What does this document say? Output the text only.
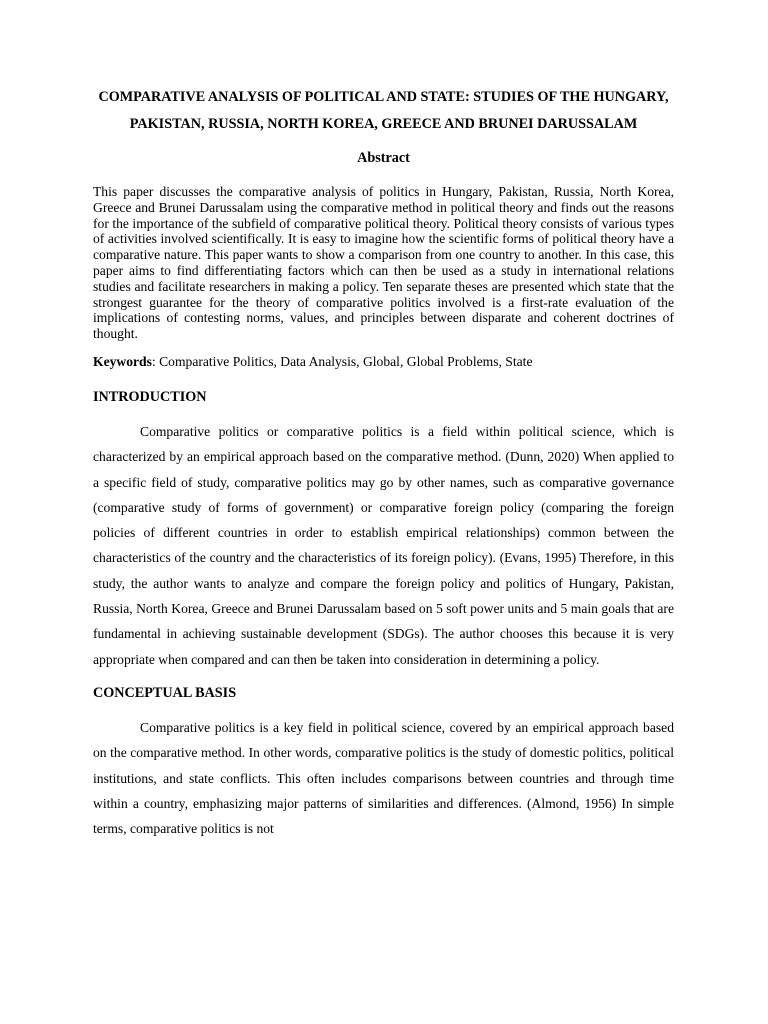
COMPARATIVE ANALYSIS OF POLITICAL AND STATE: STUDIES OF THE HUNGARY, PAKISTAN, RUSSIA, NORTH KOREA, GREECE AND BRUNEI DARUSSALAM
Abstract

This paper discusses the comparative analysis of politics in Hungary, Pakistan, Russia, North Korea, Greece and Brunei Darussalam using the comparative method in political theory and finds out the reasons for the importance of the subfield of comparative political theory. Political theory consists of various types of activities involved scientifically. It is easy to imagine how the scientific forms of political theory have a comparative nature. This paper wants to show a comparison from one country to another. In this case, this paper aims to find differentiating factors which can then be used as a study in international relations studies and facilitate researchers in making a policy. Ten separate theses are presented which state that the strongest guarantee for the theory of comparative politics involved is a first-rate evaluation of the implications of contesting norms, values, and principles between disparate and coherent doctrines of thought.

Keywords: Comparative Politics, Data Analysis, Global, Global Problems, State

INTRODUCTION

Comparative politics or comparative politics is a field within political science, which is characterized by an empirical approach based on the comparative method. (Dunn, 2020) When applied to a specific field of study, comparative politics may go by other names, such as comparative governance (comparative study of forms of government) or comparative foreign policy (comparing the foreign policies of different countries in order to establish empirical relationships) common between the characteristics of the country and the characteristics of its foreign policy). (Evans, 1995) Therefore, in this study, the author wants to analyze and compare the foreign policy and politics of Hungary, Pakistan, Russia, North Korea, Greece and Brunei Darussalam based on 5 soft power units and 5 main goals that are fundamental in achieving sustainable development (SDGs). The author chooses this because it is very appropriate when compared and can then be taken into consideration in determining a policy.

CONCEPTUAL BASIS

Comparative politics is a key field in political science, covered by an empirical approach based on the comparative method. In other words, comparative politics is the study of domestic politics, political institutions, and state conflicts. This often includes comparisons between countries and through time within a country, emphasizing major patterns of similarities and differences. (Almond, 1956) In simple terms, comparative politics is not
